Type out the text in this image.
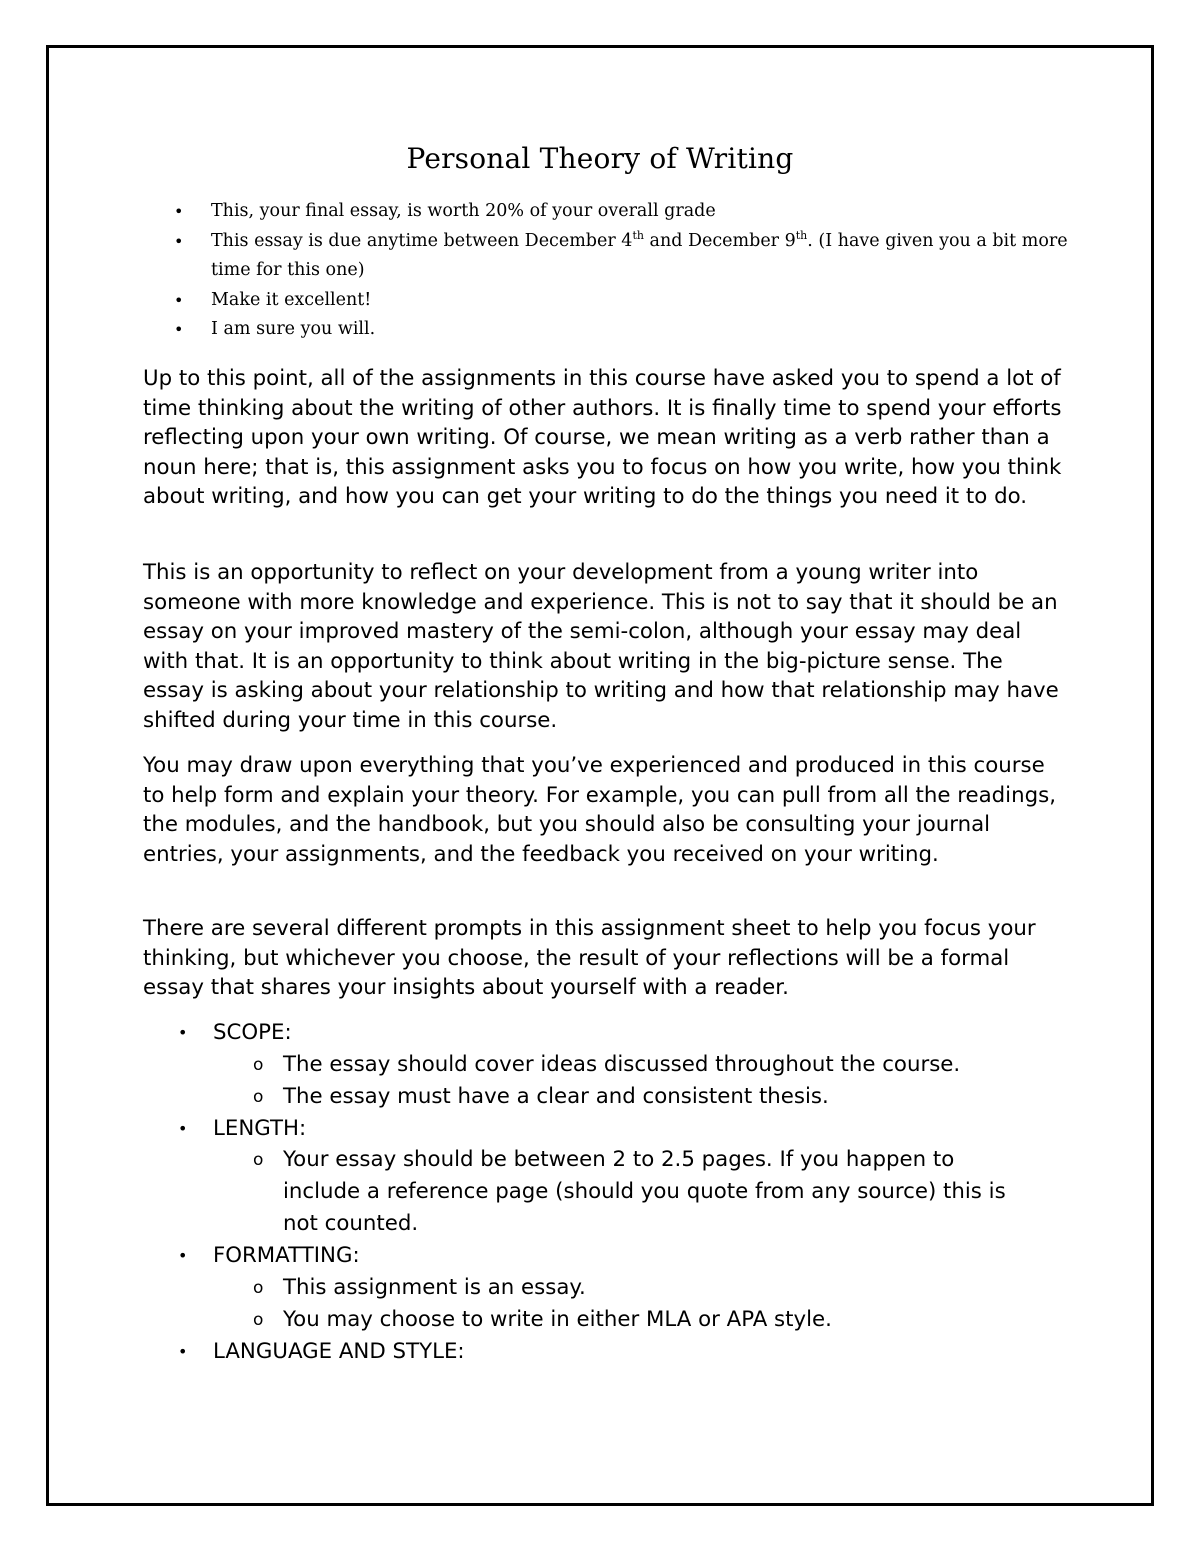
Personal Theory of Writing
• This, your final essay, is worth 20% of your overall grade
• This essay is due anytime between December 4th and December 9th. (I have given you a bit more time for this one)
• Make it excellent!
• I am sure you will.

Up to this point, all of the assignments in this course have asked you to spend a lot of time thinking about the writing of other authors. It is finally time to spend your efforts reflecting upon your own writing. Of course, we mean writing as a verb rather than a noun here; that is, this assignment asks you to focus on how you write, how you think about writing, and how you can get your writing to do the things you need it to do.

This is an opportunity to reflect on your development from a young writer into someone with more knowledge and experience. This is not to say that it should be an essay on your improved mastery of the semi-colon, although your essay may deal with that. It is an opportunity to think about writing in the big-picture sense. The essay is asking about your relationship to writing and how that relationship may have shifted during your time in this course.

You may draw upon everything that you’ve experienced and produced in this course to help form and explain your theory. For example, you can pull from all the readings, the modules, and the handbook, but you should also be consulting your journal entries, your assignments, and the feedback you received on your writing.

There are several different prompts in this assignment sheet to help you focus your thinking, but whichever you choose, the result of your reflections will be a formal essay that shares your insights about yourself with a reader.

• SCOPE:
o The essay should cover ideas discussed throughout the course.
o The essay must have a clear and consistent thesis.
• LENGTH:
o Your essay should be between 2 to 2.5 pages. If you happen to include a reference page (should you quote from any source) this is not counted.
• FORMATTING:
o This assignment is an essay.
o You may choose to write in either MLA or APA style.
• LANGUAGE AND STYLE:
